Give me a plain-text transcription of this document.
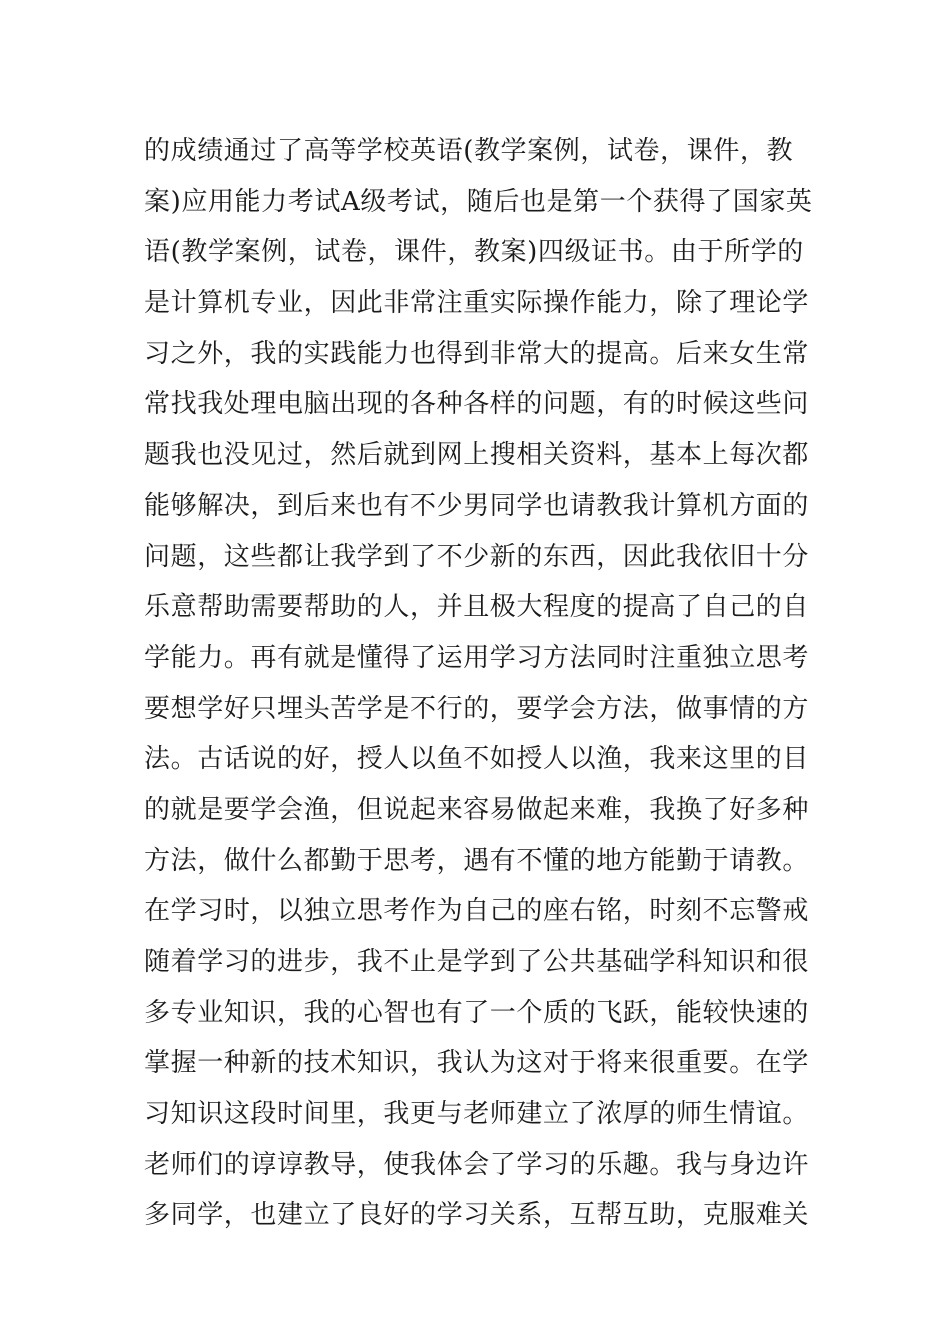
的成绩通过了高等学校英语(教学案例，试卷，课件，教
案)应用能力考试A级考试，随后也是第一个获得了国家英
语(教学案例，试卷，课件，教案)四级证书。由于所学的
是计算机专业，因此非常注重实际操作能力，除了理论学
习之外，我的实践能力也得到非常大的提高。后来女生常
常找我处理电脑出现的各种各样的问题，有的时候这些问
题我也没见过，然后就到网上搜相关资料，基本上每次都
能够解决，到后来也有不少男同学也请教我计算机方面的
问题，这些都让我学到了不少新的东西，因此我依旧十分
乐意帮助需要帮助的人，并且极大程度的提高了自己的自
学能力。再有就是懂得了运用学习方法同时注重独立思考
要想学好只埋头苦学是不行的，要学会方法，做事情的方
法。古话说的好，授人以鱼不如授人以渔，我来这里的目
的就是要学会渔，但说起来容易做起来难，我换了好多种
方法，做什么都勤于思考，遇有不懂的地方能勤于请教。
在学习时，以独立思考作为自己的座右铭，时刻不忘警戒
随着学习的进步，我不止是学到了公共基础学科知识和很
多专业知识，我的心智也有了一个质的飞跃，能较快速的
掌握一种新的技术知识，我认为这对于将来很重要。在学
习知识这段时间里，我更与老师建立了浓厚的师生情谊。
老师们的谆谆教导，使我体会了学习的乐趣。我与身边许
多同学，也建立了良好的学习关系，互帮互助，克服难关
